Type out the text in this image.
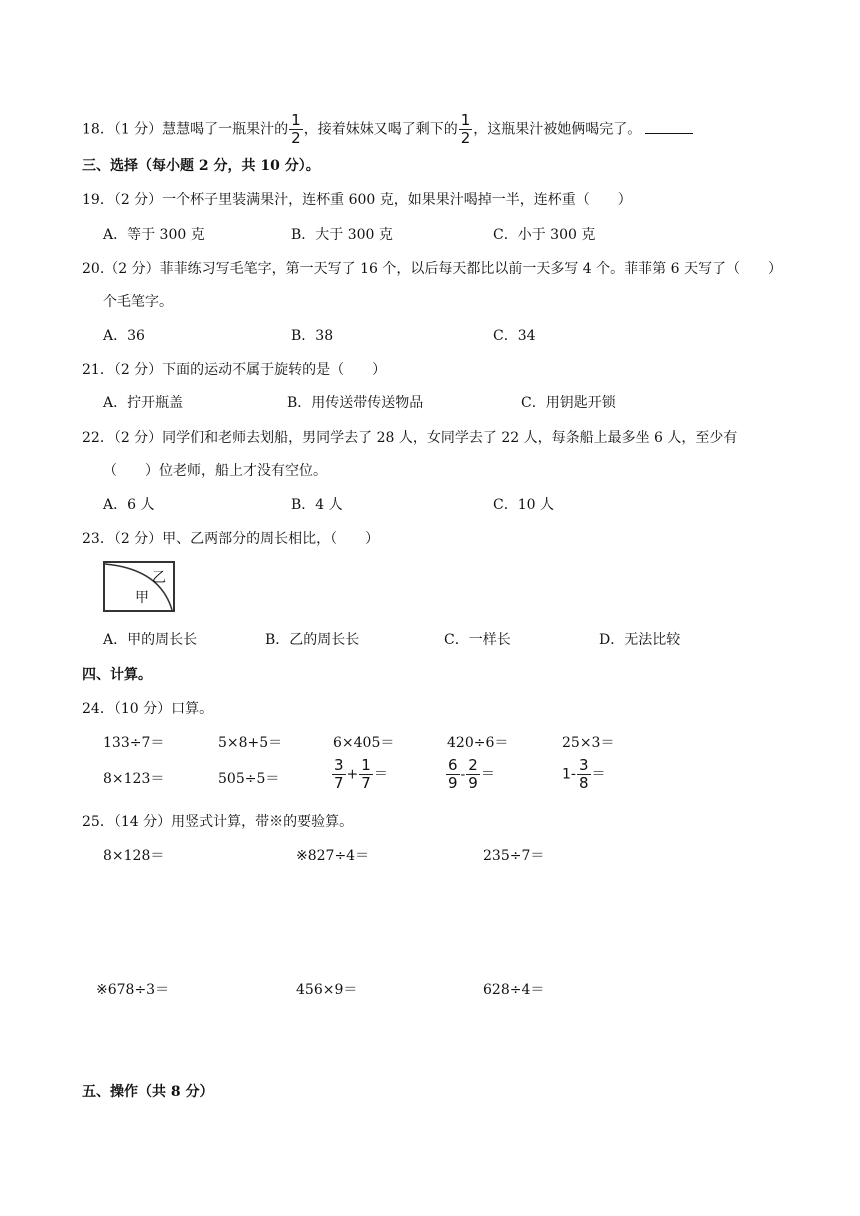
18．（1 分）慧慧喝了一瓶果汁的 $\frac{1}{2}$ ，接着妹妹又喝了剩下的 $\frac{1}{2}$ ，这瓶果汁被她俩喝完了。
三、选择（每小题 2 分，共 10 分）。
19．（2 分）一个杯子里装满果汁，连杯重 600 克，如果果汁喝掉一半，连杯重（　　）
A．等于 300 克	B．大于 300 克	C．小于 300 克
20.（2 分）菲菲练习写毛笔字，第一天写了 16 个，以后每天都比以前一天多写 4 个。菲菲第 6 天写了（　　）
个毛笔字。
A．36	B．38	C．34
21．（2 分）下面的运动不属于旋转的是（　　）
A．拧开瓶盖	B．用传送带传送物品	C．用钥匙开锁
22．（2 分）同学们和老师去划船，男同学去了 28 人，女同学去了 22 人，每条船上最多坐 6 人，至少有
（　　）位老师，船上才没有空位。
A．6 人	B．4 人	C．10 人
23．（2 分）甲、乙两部分的周长相比，（　　）
乙
甲
A．甲的周长长	B．乙的周长长	C．一样长	D．无法比较
四、计算。
24．（10 分）口算。
133÷7＝	5×8+5＝	6×405＝	420÷6＝	25×3＝
8×123＝	505÷5＝	$\frac{3}{7} + \frac{1}{7}$ ＝	$\frac{6}{9} - \frac{2}{9}$ ＝	$1- \frac{3}{8}$ ＝
25．（14 分）用竖式计算，带※的要验算。
8×128＝	※827÷4＝	235÷7＝
※678÷3＝	456×9＝	628÷4＝
五、操作（共 8 分）
